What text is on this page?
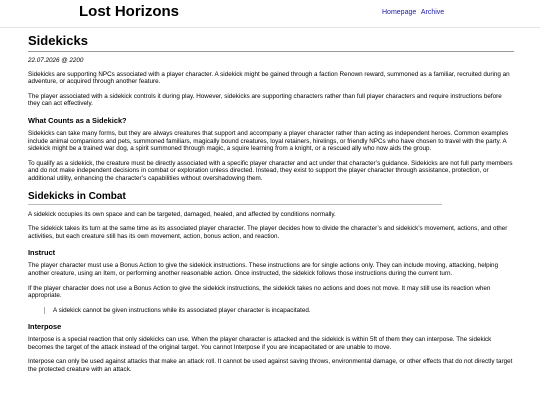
Lost Horizons	Homepage Archive
Sidekicks

22.07.2026 @ 2200

Sidekicks are supporting NPCs associated with a player character. A sidekick might be gained through a faction Renown reward, summoned as a familiar, recruited during an adventure, or acquired through another feature.

The player associated with a sidekick controls it during play. However, sidekicks are supporting characters rather than full player characters and require instructions before they can act effectively.

What Counts as a Sidekick?

Sidekicks can take many forms, but they are always creatures that support and accompany a player character rather than acting as independent heroes. Common examples include animal companions and pets, summoned familiars, magically bound creatures, loyal retainers, hirelings, or friendly NPCs who have chosen to travel with the party. A sidekick might be a trained war dog, a spirit summoned through magic, a squire learning from a knight, or a rescued ally who now aids the group.

To qualify as a sidekick, the creature must be directly associated with a specific player character and act under that character’s guidance. Sidekicks are not full party members and do not make independent decisions in combat or exploration unless directed. Instead, they exist to support the player character through assistance, protection, or additional utility, enhancing the character’s capabilities without overshadowing them.

Sidekicks in Combat

A sidekick occupies its own space and can be targeted, damaged, healed, and affected by conditions normally.

The sidekick takes its turn at the same time as its associated player character. The player decides how to divide the character’s and sidekick’s movement, actions, and other activities, but each creature still has its own movement, action, bonus action, and reaction.

Instruct

The player character must use a Bonus Action to give the sidekick instructions. These instructions are for single actions only. They can include moving, attacking, helping another creature, using an Item, or performing another reasonable action. Once instructed, the sidekick follows those instructions during the current turn.

If the player character does not use a Bonus Action to give the sidekick instructions, the sidekick takes no actions and does not move. It may still use its reaction when appropriate.

A sidekick cannot be given instructions while its associated player character is incapacitated.
Interpose

Interpose is a special reaction that only sidekicks can use. When the player character is attacked and the sidekick is within 5ft of them they can interpose. The sidekick becomes the target of the attack instead of the original target. You cannot Interpose if you are incapacitated or are unable to move.

Interpose can only be used against attacks that make an attack roll. It cannot be used against saving throws, environmental damage, or other effects that do not directly target the protected creature with an attack.
